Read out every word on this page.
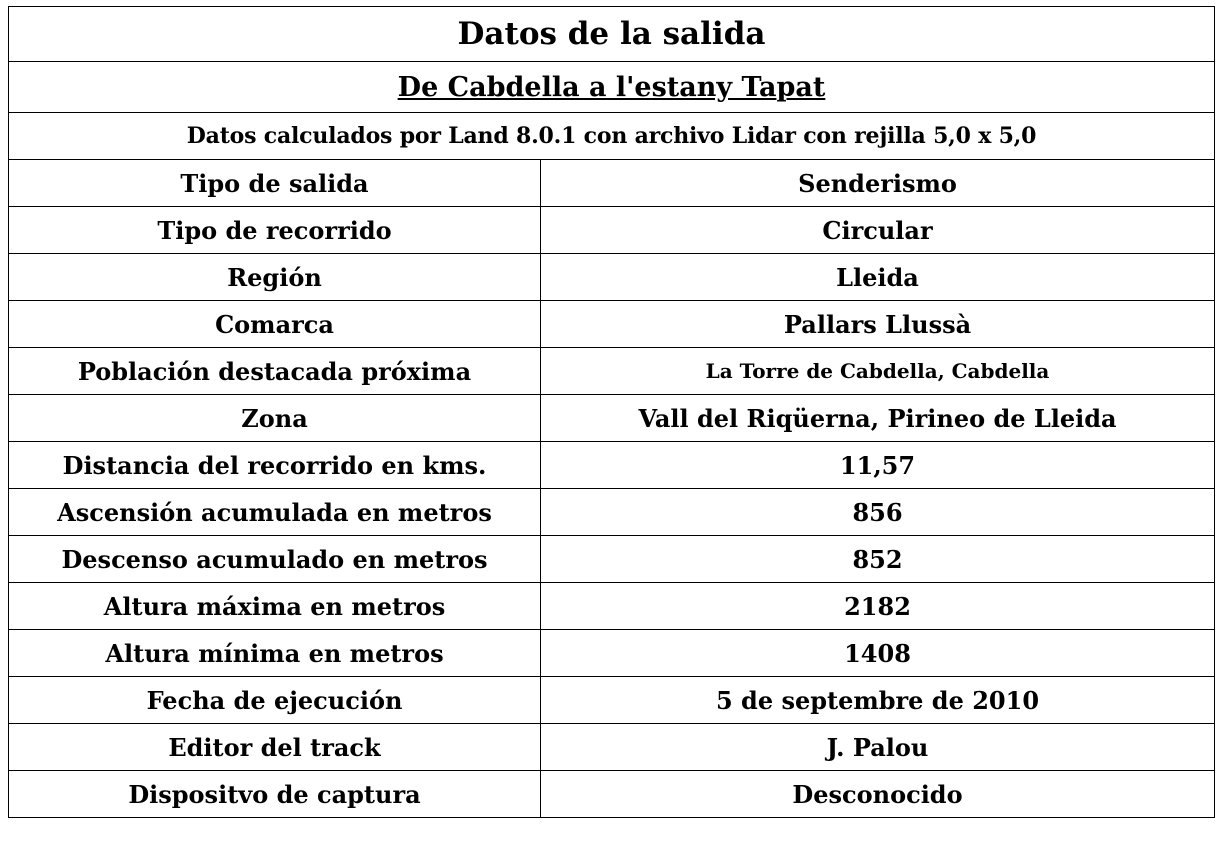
Datos de la salida	
De Cabdella a l'estany Tapat	
Datos calculados por Land 8.0.1 con archivo Lidar con rejilla 5,0 x 5,0	
Tipo de salida	Senderismo
Tipo de recorrido	Circular
Región	Lleida
Comarca	Pallars Llussà
Población destacada próxima	La Torre de Cabdella, Cabdella
Zona	Vall del Riqüerna, Pirineo de Lleida
Distancia del recorrido en kms.	11,57
Ascensión acumulada en metros	856
Descenso acumulado en metros	852
Altura máxima en metros	2182
Altura mínima en metros	1408
Fecha de ejecución	5 de septembre de 2010
Editor del track	J. Palou
Dispositvo de captura	Desconocido
